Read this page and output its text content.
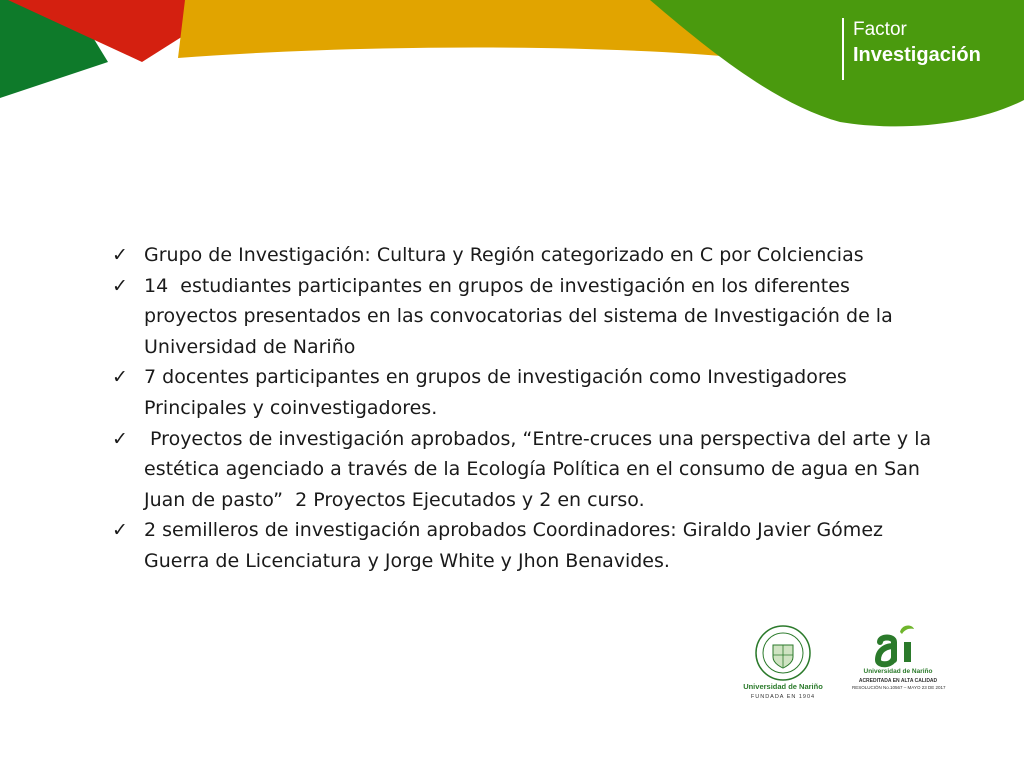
Factor
Investigación
✓ Grupo de Investigación: Cultura y Región categorizado en C por Colciencias
✓ 14  estudiantes participantes en grupos de investigación en los diferentes proyectos presentados en las convocatorias del sistema de Investigación de la Universidad de Nariño
✓ 7 docentes participantes en grupos de investigación como Investigadores Principales y coinvestigadores.
✓ Proyectos de investigación aprobados, “Entre-cruces una perspectiva del arte y la estética agenciado a través de la Ecología Política en el consumo de agua en San Juan de pasto”  2 Proyectos Ejecutados y 2 en curso.
✓ 2 semilleros de investigación aprobados Coordinadores: Giraldo Javier Gómez Guerra de Licenciatura y Jorge White y Jhon Benavides.
Universidad de Nariño
FUNDADA EN 1904
Universidad de Nariño
ACREDITADA EN ALTA CALIDAD
RESOLUCIÓN No.10567 – MAYO 23 DE 2017
